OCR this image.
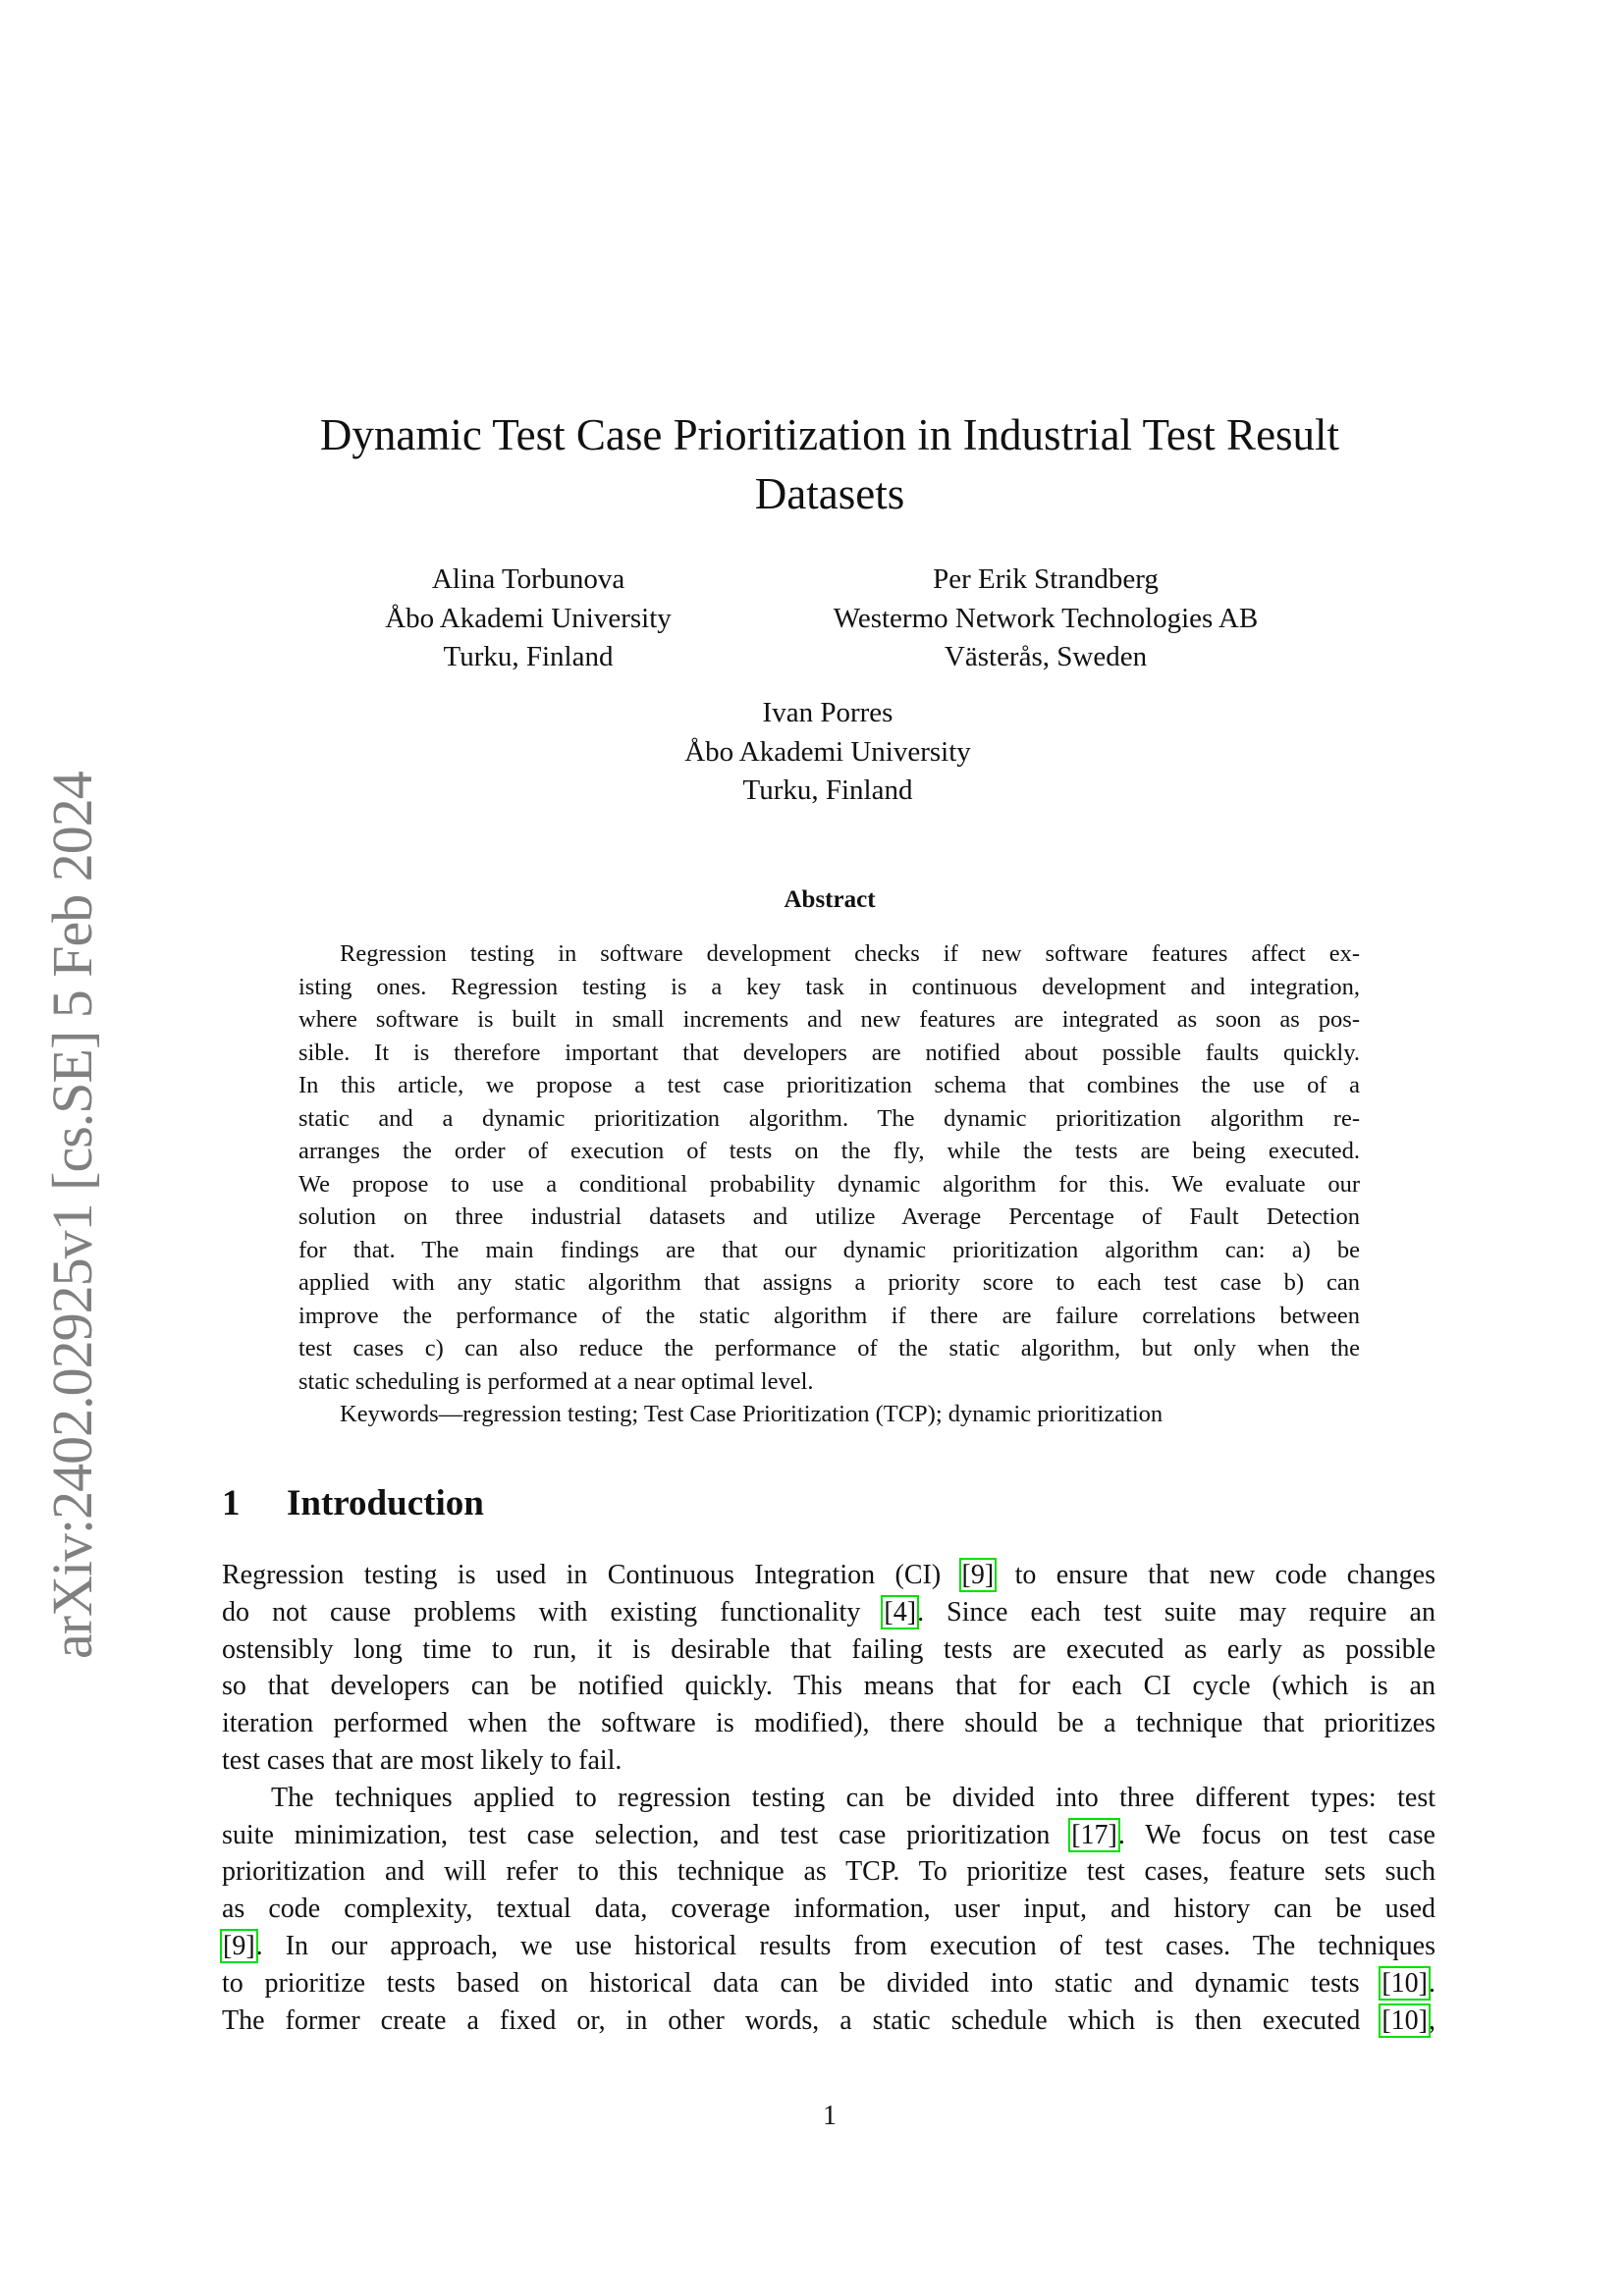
arXiv:2402.02925v1 [cs.SE] 5 Feb 2024
Dynamic Test Case Prioritization in Industrial Test Result
Datasets
Alina Torbunova
Åbo Akademi University
Turku, Finland
Per Erik Strandberg
Westermo Network Technologies AB
Västerås, Sweden
Ivan Porres
Åbo Akademi University
Turku, Finland
Abstract
Regression testing in software development checks if new software features affect ex-
isting ones. Regression testing is a key task in continuous development and integration,
where software is built in small increments and new features are integrated as soon as pos-
sible. It is therefore important that developers are notified about possible faults quickly.
In this article, we propose a test case prioritization schema that combines the use of a
static and a dynamic prioritization algorithm. The dynamic prioritization algorithm re-
arranges the order of execution of tests on the fly, while the tests are being executed.
We propose to use a conditional probability dynamic algorithm for this. We evaluate our
solution on three industrial datasets and utilize Average Percentage of Fault Detection
for that. The main findings are that our dynamic prioritization algorithm can: a) be
applied with any static algorithm that assigns a priority score to each test case b) can
improve the performance of the static algorithm if there are failure correlations between
test cases c) can also reduce the performance of the static algorithm, but only when the
static scheduling is performed at a near optimal level.
Keywords—regression testing; Test Case Prioritization (TCP); dynamic prioritization
1 Introduction
Regression testing is used in Continuous Integration (CI) [9] to ensure that new code changes
do not cause problems with existing functionality [4]. Since each test suite may require an
ostensibly long time to run, it is desirable that failing tests are executed as early as possible
so that developers can be notified quickly. This means that for each CI cycle (which is an
iteration performed when the software is modified), there should be a technique that prioritizes
test cases that are most likely to fail.
The techniques applied to regression testing can be divided into three different types: test
suite minimization, test case selection, and test case prioritization [17]. We focus on test case
prioritization and will refer to this technique as TCP. To prioritize test cases, feature sets such
as code complexity, textual data, coverage information, user input, and history can be used
[9]. In our approach, we use historical results from execution of test cases. The techniques
to prioritize tests based on historical data can be divided into static and dynamic tests [10].
The former create a fixed or, in other words, a static schedule which is then executed [10],
1
